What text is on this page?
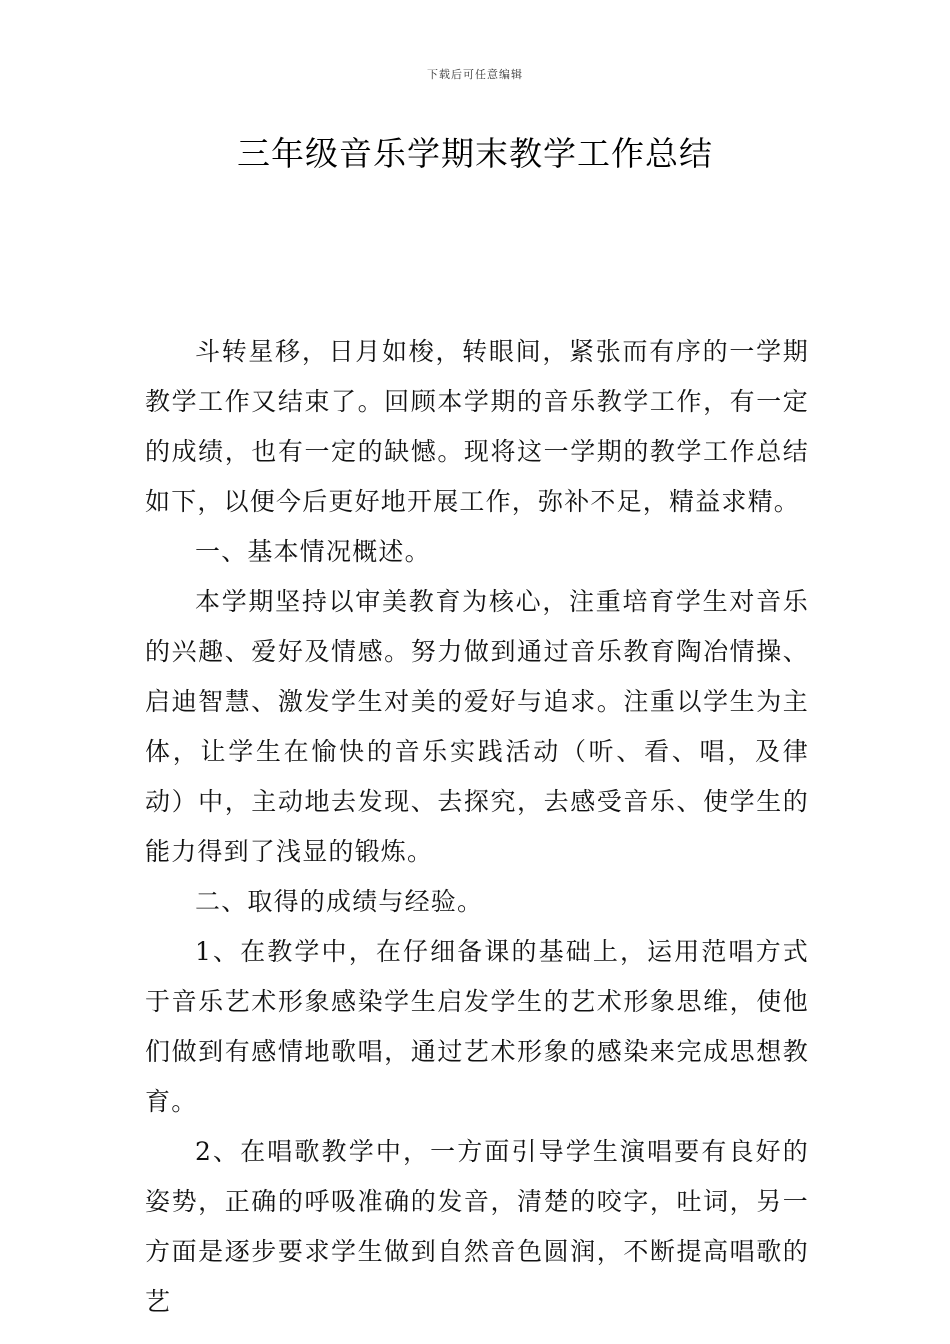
下载后可任意编辑
三年级音乐学期末教学工作总结

斗转星移，日月如梭，转眼间，紧张而有序的一学期教学工作又结束了。回顾本学期的音乐教学工作，有一定的成绩，也有一定的缺憾。现将这一学期的教学工作总结如下，以便今后更好地开展工作，弥补不足，精益求精。

一、基本情况概述。

本学期坚持以审美教育为核心，注重培育学生对音乐的兴趣、爱好及情感。努力做到通过音乐教育陶冶情操、启迪智慧、激发学生对美的爱好与追求。注重以学生为主体，让学生在愉快的音乐实践活动（听、看、唱，及律动）中，主动地去发现、去探究，去感受音乐、使学生的能力得到了浅显的锻炼。

二、取得的成绩与经验。

1、在教学中，在仔细备课的基础上，运用范唱方式于音乐艺术形象感染学生启发学生的艺术形象思维，使他们做到有感情地歌唱，通过艺术形象的感染来完成思想教育。

2、在唱歌教学中，一方面引导学生演唱要有良好的姿势，正确的呼吸准确的发音，清楚的咬字，吐词，另一方面是逐步要求学生做到自然音色圆润，不断提高唱歌的艺
